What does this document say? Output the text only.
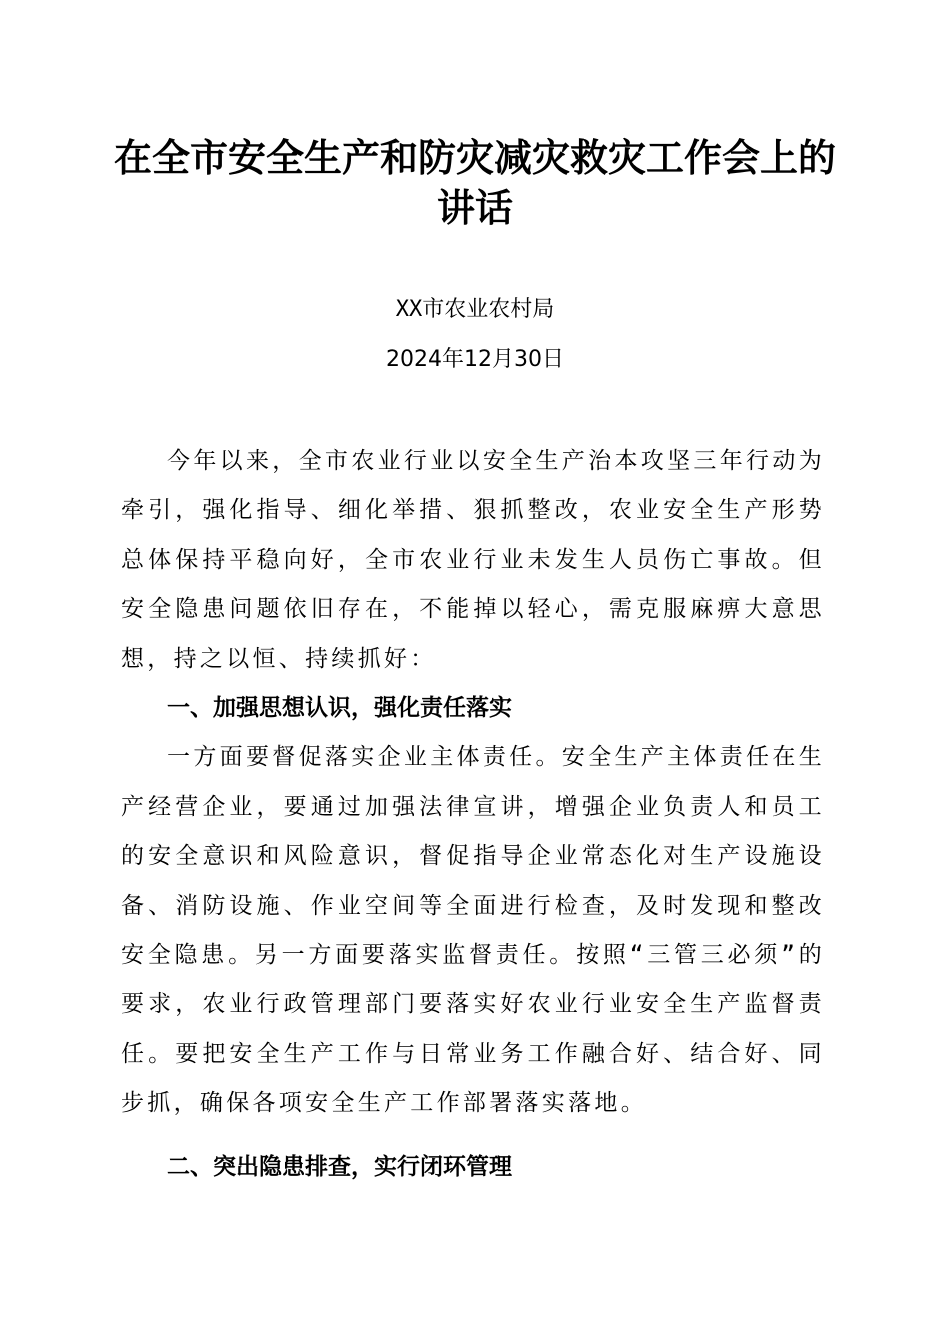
在全市安全生产和防灾减灾救灾工作会上的讲话
XX市农业农村局
2024年12月30日

今年以来，全市农业行业以安全生产治本攻坚三年行动为牵引，强化指导、细化举措、狠抓整改，农业安全生产形势总体保持平稳向好，全市农业行业未发生人员伤亡事故。但安全隐患问题依旧存在，不能掉以轻心，需克服麻痹大意思想，持之以恒、持续抓好：

一、加强思想认识，强化责任落实

一方面要督促落实企业主体责任。安全生产主体责任在生产经营企业，要通过加强法律宣讲，增强企业负责人和员工的安全意识和风险意识，督促指导企业常态化对生产设施设备、消防设施、作业空间等全面进行检查，及时发现和整改安全隐患。另一方面要落实监督责任。按照“三管三必须”的要求，农业行政管理部门要落实好农业行业安全生产监督责任。要把安全生产工作与日常业务工作融合好、结合好、同步抓，确保各项安全生产工作部署落实落地。

二、突出隐患排查，实行闭环管理
